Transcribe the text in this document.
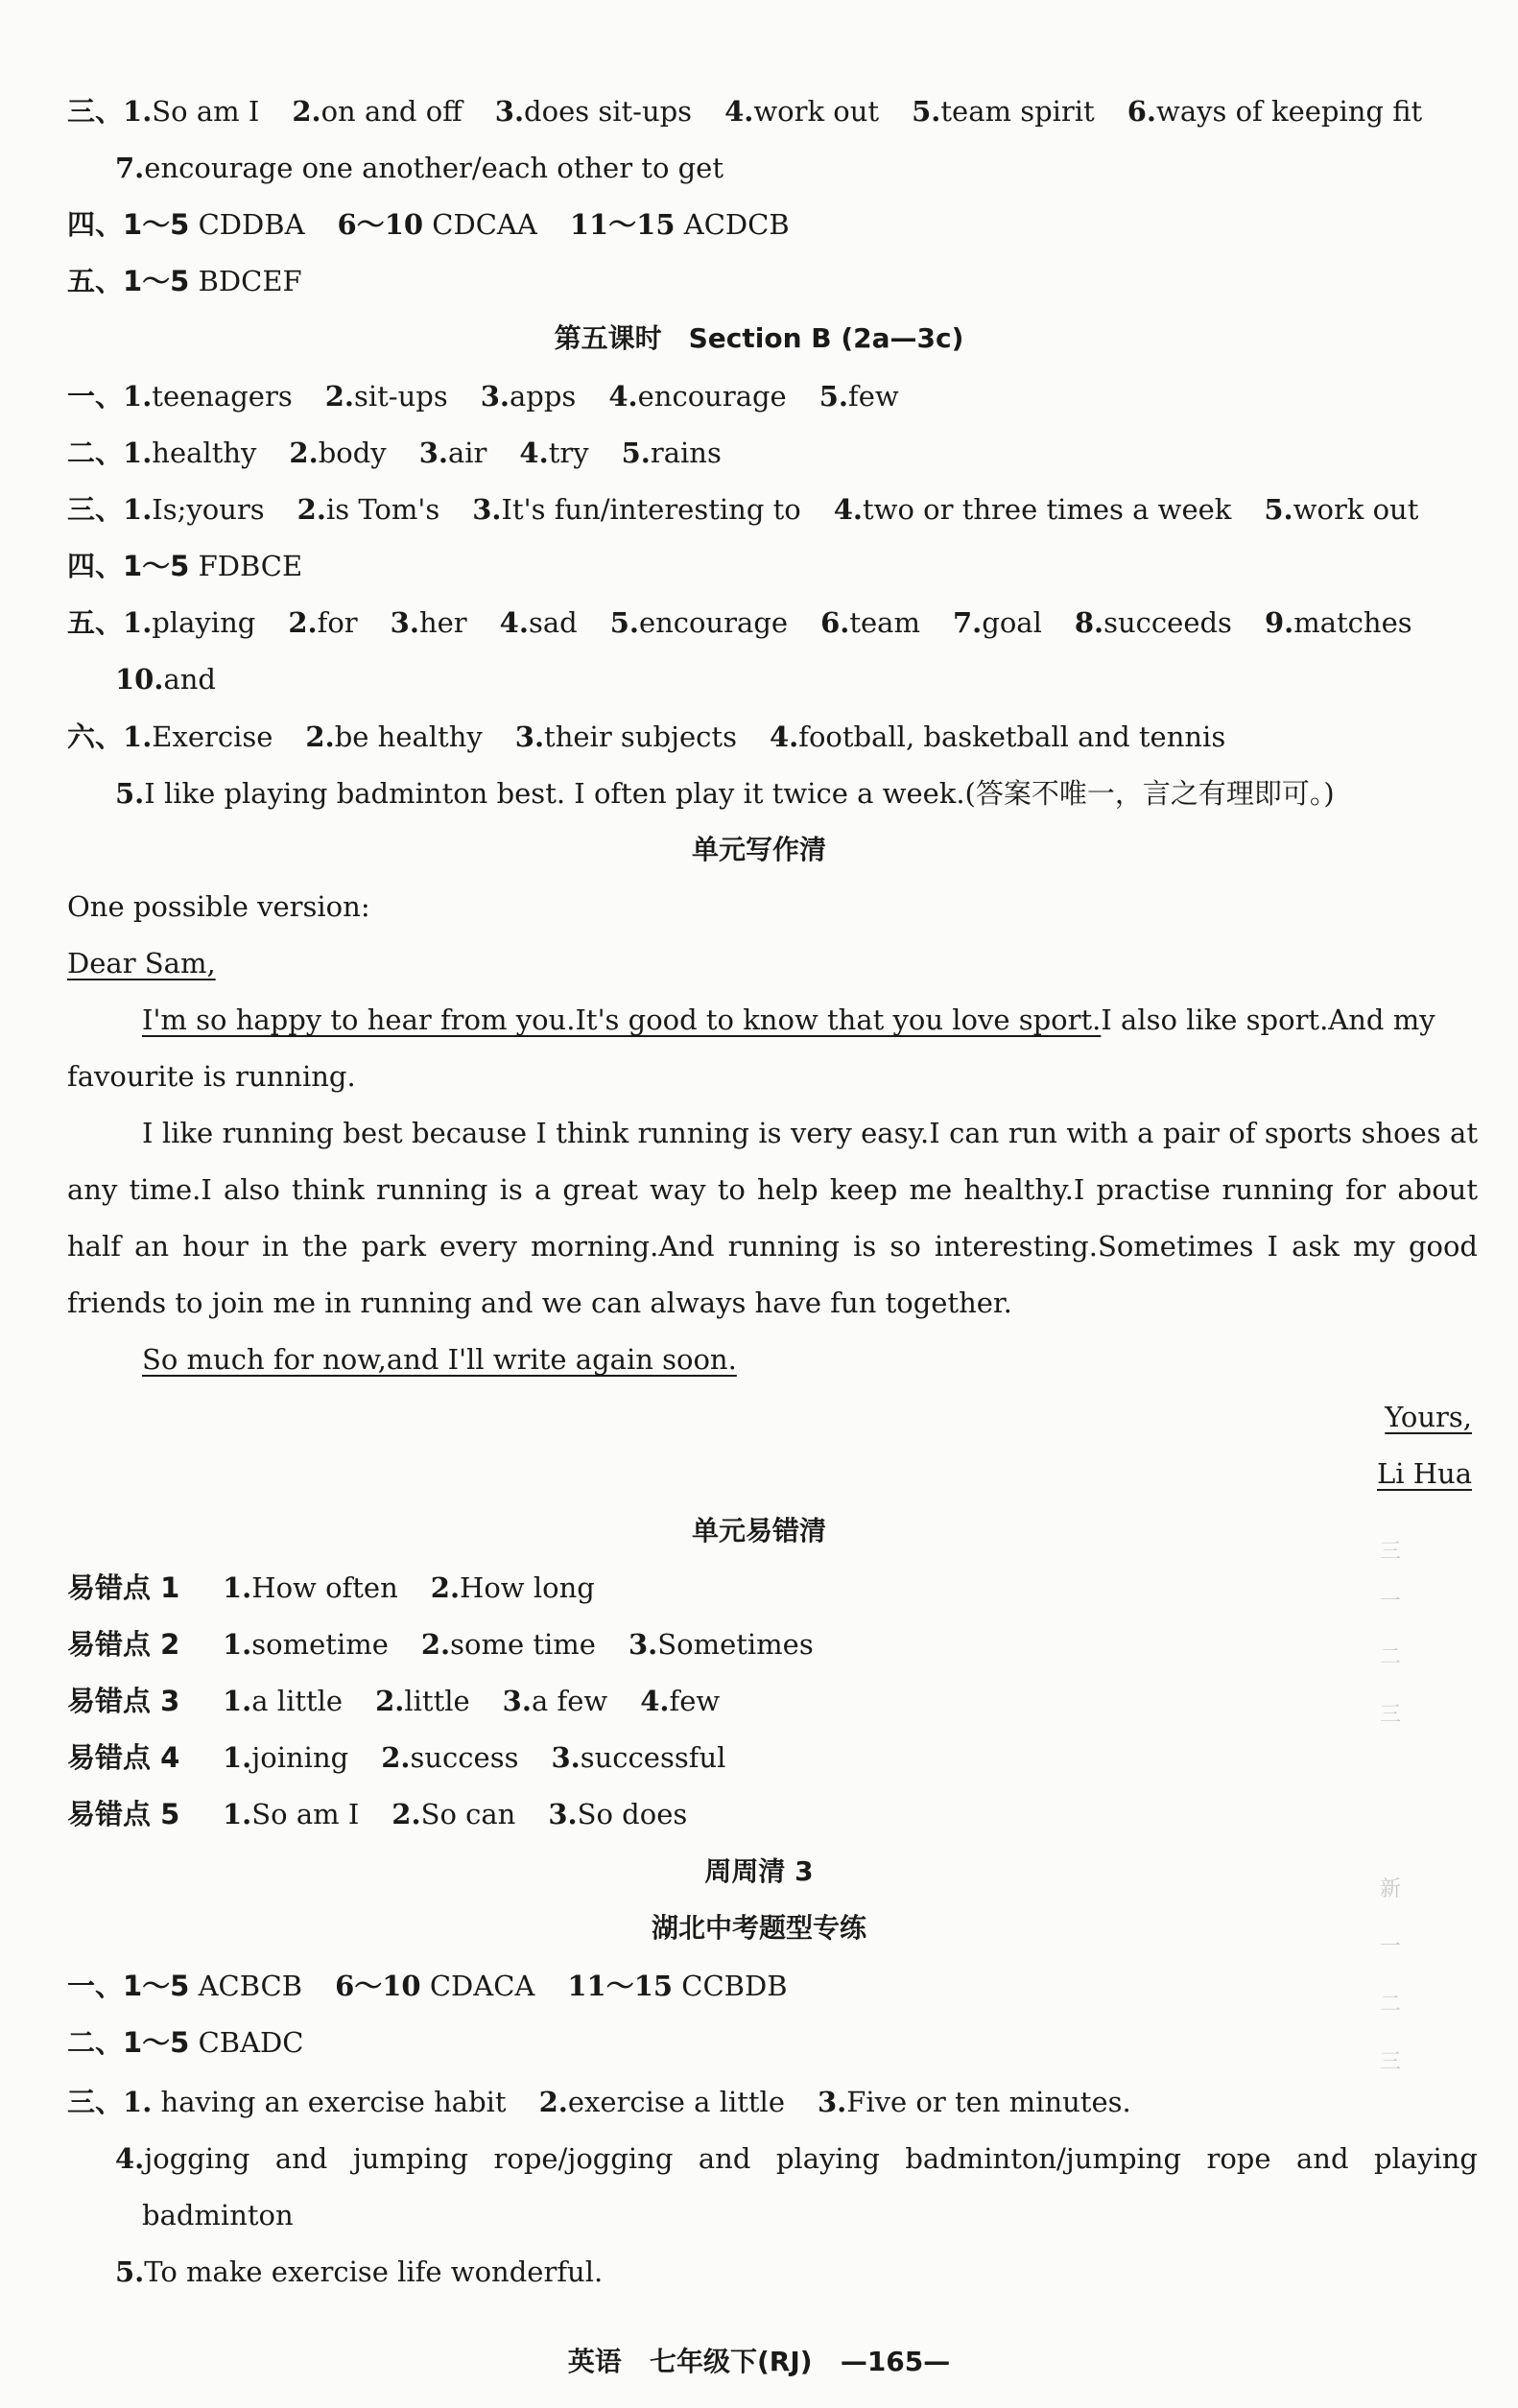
三、1.So am I 2.on and off 3.does sit-ups 4.work out 5.team spirit 6.ways of keeping fit
7.encourage one another/each other to get
四、1～5 CDDBA 6～10 CDCAA 11～15 ACDCB
五、1～5 BDCEF
第五课时　Section B (2a—3c)
一、1.teenagers 2.sit-ups 3.apps 4.encourage 5.few
二、1.healthy 2.body 3.air 4.try 5.rains
三、1.Is;yours 2.is Tom's 3.It's fun/interesting to 4.two or three times a week 5.work out
四、1～5 FDBCE
五、1.playing 2.for 3.her 4.sad 5.encourage 6.team 7.goal 8.succeeds 9.matches
10.and
六、1.Exercise 2.be healthy 3.their subjects 4.football, basketball and tennis
5.I like playing badminton best. I often play it twice a week.(答案不唯一，言之有理即可。)
单元写作清
One possible version:
Dear Sam,
I'm so happy to hear from you.It's good to know that you love sport.I also like sport.And my
favourite is running.
I like running best because I think running is very easy.I can run with a pair of sports shoes at
any time.I also think running is a great way to help keep me healthy.I practise running for about
half an hour in the park every morning.And running is so interesting.Sometimes I ask my good
friends to join me in running and we can always have fun together.
So much for now,and I'll write again soon.
Yours,
Li Hua
单元易错清
易错点 1 1.How often 2.How long
易错点 2 1.sometime 2.some time 3.Sometimes
易错点 3 1.a little 2.little 3.a few 4.few
易错点 4 1.joining 2.success 3.successful
易错点 5 1.So am I 2.So can 3.So does
周周清 3
湖北中考题型专练
一、1～5 ACBCB 6～10 CDACA 11～15 CCBDB
二、1～5 CBADC
三、1. having an exercise habit 2.exercise a little 3.Five or ten minutes.
4.jogging and jumping rope/jogging and playing badminton/jumping rope and playing
badminton
5.To make exercise life wonderful.
三
一
二
三
新
一
二
三
英语 七年级下(RJ) —165—
